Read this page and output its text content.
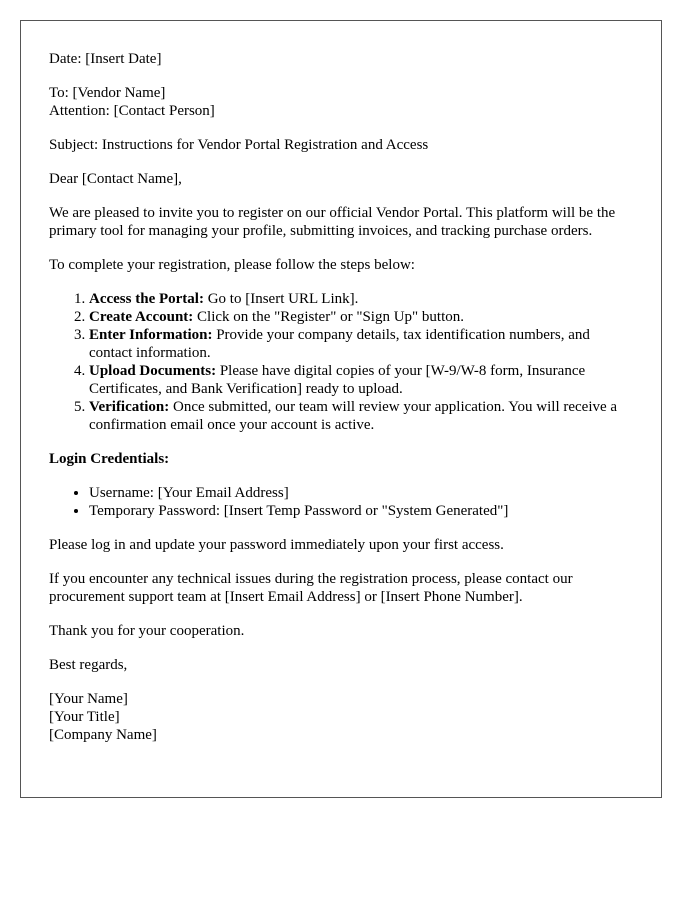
Date: [Insert Date]

To: [Vendor Name]

Attention: [Contact Person]

Subject: Instructions for Vendor Portal Registration and Access

Dear [Contact Name],

We are pleased to invite you to register on our official Vendor Portal. This platform will be the primary tool for managing your profile, submitting invoices, and tracking purchase orders.

To complete your registration, please follow the steps below:

1. Access the Portal: Go to [Insert URL Link].
2. Create Account: Click on the "Register" or "Sign Up" button.
3. Enter Information: Provide your company details, tax identification numbers, and contact information.
4. Upload Documents: Please have digital copies of your [W-9/W-8 form, Insurance Certificates, and Bank Verification] ready to upload.
5. Verification: Once submitted, our team will review your application. You will receive a confirmation email once your account is active.

Login Credentials:

• Username: [Your Email Address]
• Temporary Password: [Insert Temp Password or "System Generated"]

Please log in and update your password immediately upon your first access.

If you encounter any technical issues during the registration process, please contact our procurement support team at [Insert Email Address] or [Insert Phone Number].

Thank you for your cooperation.

Best regards,

[Your Name]

[Your Title]

[Company Name]
